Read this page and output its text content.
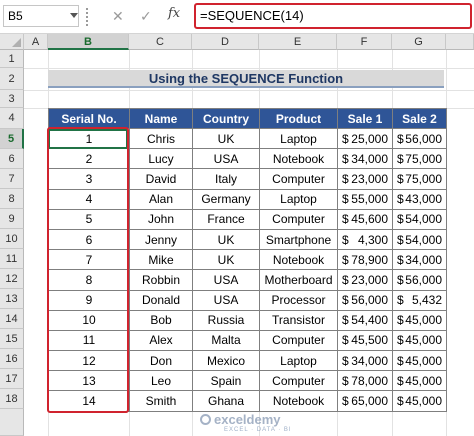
B5	✕ ✓ fx	=SEQUENCE(14)
A	B	C	D	E	F	G
1
2
3
4
5
6
7
8
9
10
11
12
13
14
15
16
17
18
Using the SEQUENCE Function
Serial No.	Name	Country	Product	Sale 1	Sale 2
1	Chris	UK	Laptop	$ 25,000	$ 56,000

2	Lucy	USA	Notebook	$ 34,000	$ 75,000

3	David	Italy	Computer	$ 23,000	$ 75,000

4	Alan	Germany	Laptop	$ 55,000	$ 43,000

5	John	France	Computer	$ 45,600	$ 54,000

6	Jenny	UK	Smartphone	$ 4,300	$ 54,000

7	Mike	UK	Notebook	$ 78,900	$ 34,000

8	Robbin	USA	Motherboard	$ 23,000	$ 56,000

9	Donald	USA	Processor	$ 56,000	$ 5,432

10	Bob	Russia	Transistor	$ 54,400	$ 45,000

11	Alex	Malta	Computer	$ 45,500	$ 45,000

12	Don	Mexico	Laptop	$ 34,000	$ 45,000

13	Leo	Spain	Computer	$ 78,000	$ 45,000

14	Smith	Ghana	Notebook	$ 65,000	$ 45,000
exceldemy
EXCEL · DATA · BI
